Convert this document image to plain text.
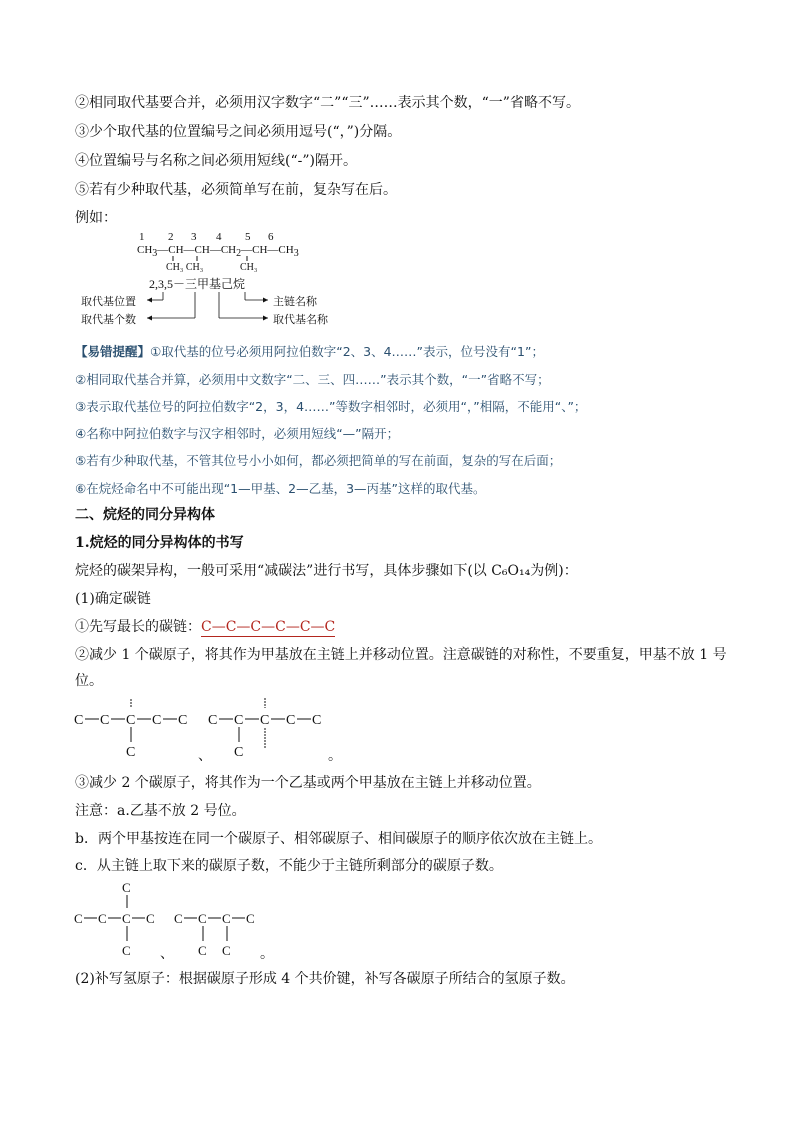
②相同取代基要合并，必须用汉字数字“二”“三”……表示其个数，“一”省略不写。
③少个取代基的位置编号之间必须用逗号(“，”)分隔。
④位置编号与名称之间必须用短线(“-”)隔开。
⑤若有少种取代基，必须简单写在前，复杂写在后。
例如：
1 2 3 4 5 6
CH3—CH—CH—CH2—CH—CH3
CH₃ CH₃	CH₃
2,3,5－三甲基己烷
取代基位置
取代基个数
主链名称
取代基名称
【易错提醒】①取代基的位号必须用阿拉伯数字“2、3、4……”表示，位号没有“1”；
②相同取代基合并算，必须用中文数字“二、三、四……”表示其个数，“一”省略不写；
③表示取代基位号的阿拉伯数字“2，3，4……”等数字相邻时，必须用“，”相隔，不能用“、”；
④名称中阿拉伯数字与汉字相邻时，必须用短线“—”隔开；
⑤若有少种取代基，不管其位号小小如何，都必须把简单的写在前面，复杂的写在后面；
⑥在烷烃命名中不可能出现“1—甲基、2—乙基，3—丙基”这样的取代基。
二、烷烃的同分异构体
1.烷烃的同分异构体的书写
烷烃的碳架异构，一般可采用“减碳法”进行书写，具体步骤如下(以 C₆O₁₄为例)：
(1)确定碳链
①先写最长的碳链：C—C—C—C—C—C
②减少 1 个碳原子，将其作为甲基放在主链上并移动位置。注意碳链的对称性，不要重复，甲基不放 1 号位。
C C C C C
C
C C C C C
C
、	。
③减少 2 个碳原子，将其作为一个乙基或两个甲基放在主链上并移动位置。
注意：a.乙基不放 2 号位。
b．两个甲基按连在同一个碳原子、相邻碳原子、相间碳原子的顺序依次放在主链上。
c．从主链上取下来的碳原子数，不能少于主链所剩部分的碳原子数。
C
C C C C
C
C C C C
C C
、	。
(2)补写氢原子：根据碳原子形成 4 个共价键，补写各碳原子所结合的氢原子数。
